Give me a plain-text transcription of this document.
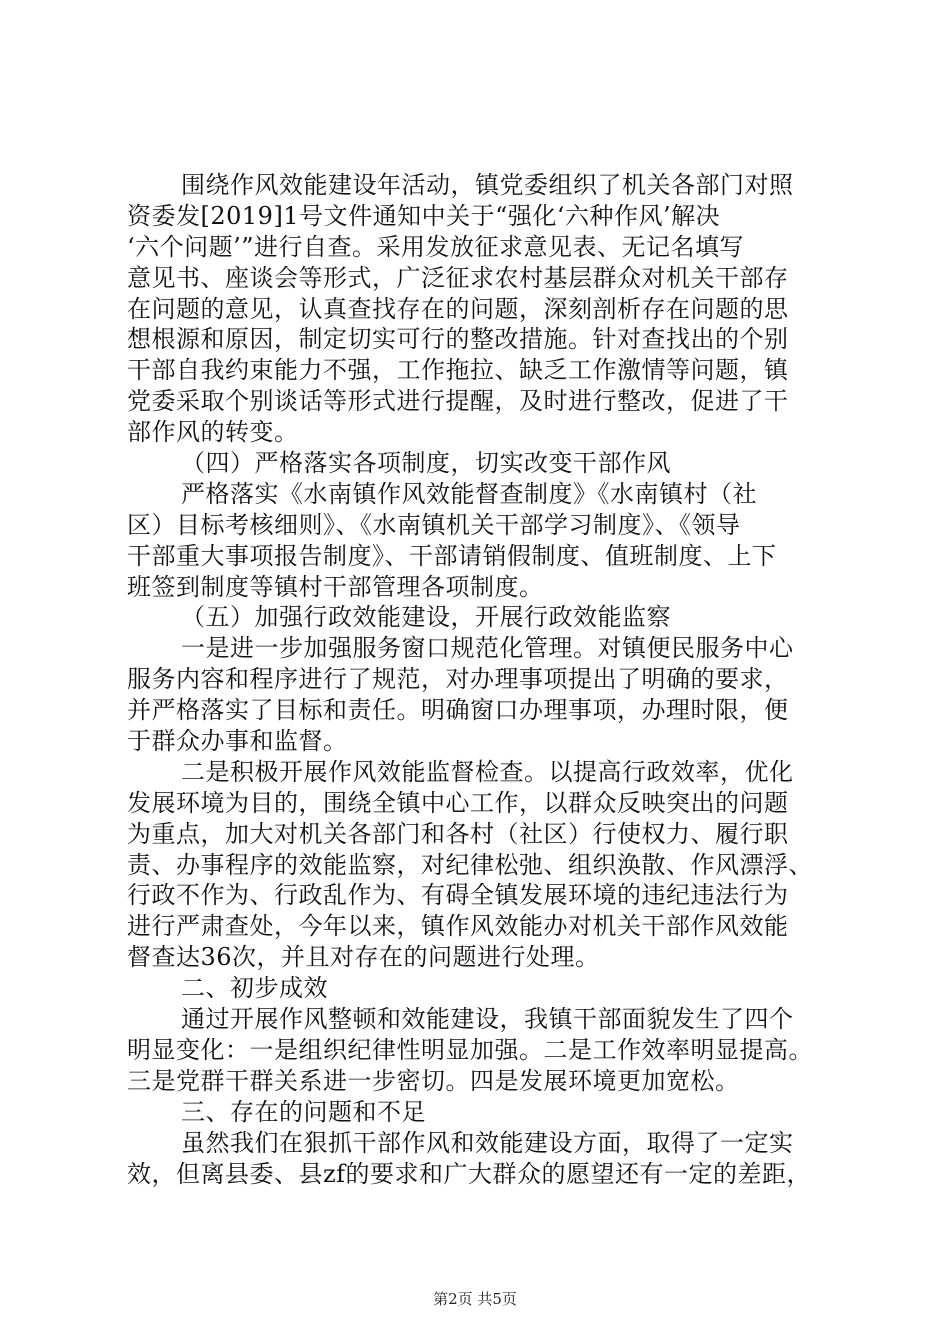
围绕作风效能建设年活动，镇党委组织了机关各部门对照
资委发[2019]1号文件通知中关于“强化‘六种作风’解决
‘六个问题’”进行自查。采用发放征求意见表、无记名填写
意见书、座谈会等形式，广泛征求农村基层群众对机关干部存
在问题的意见，认真查找存在的问题，深刻剖析存在问题的思
想根源和原因，制定切实可行的整改措施。针对查找出的个别
干部自我约束能力不强，工作拖拉、缺乏工作激情等问题，镇
党委采取个别谈话等形式进行提醒，及时进行整改，促进了干
部作风的转变。
（四）严格落实各项制度，切实改变干部作风
严格落实《水南镇作风效能督查制度》《水南镇村（社
区）目标考核细则》、《水南镇机关干部学习制度》、《领导
干部重大事项报告制度》、干部请销假制度、值班制度、上下
班签到制度等镇村干部管理各项制度。
（五）加强行政效能建设，开展行政效能监察
一是进一步加强服务窗口规范化管理。对镇便民服务中心
服务内容和程序进行了规范，对办理事项提出了明确的要求，
并严格落实了目标和责任。明确窗口办理事项，办理时限，便
于群众办事和监督。
二是积极开展作风效能监督检查。以提高行政效率，优化
发展环境为目的，围绕全镇中心工作，以群众反映突出的问题
为重点，加大对机关各部门和各村（社区）行使权力、履行职
责、办事程序的效能监察，对纪律松弛、组织涣散、作风漂浮、
行政不作为、行政乱作为、有碍全镇发展环境的违纪违法行为
进行严肃查处，今年以来，镇作风效能办对机关干部作风效能
督查达36次，并且对存在的问题进行处理。
二、初步成效
通过开展作风整顿和效能建设，我镇干部面貌发生了四个
明显变化：一是组织纪律性明显加强。二是工作效率明显提高。
三是党群干群关系进一步密切。四是发展环境更加宽松。
三、存在的问题和不足
虽然我们在狠抓干部作风和效能建设方面，取得了一定实
效，但离县委、县zf的要求和广大群众的愿望还有一定的差距，
第2页 共5页
